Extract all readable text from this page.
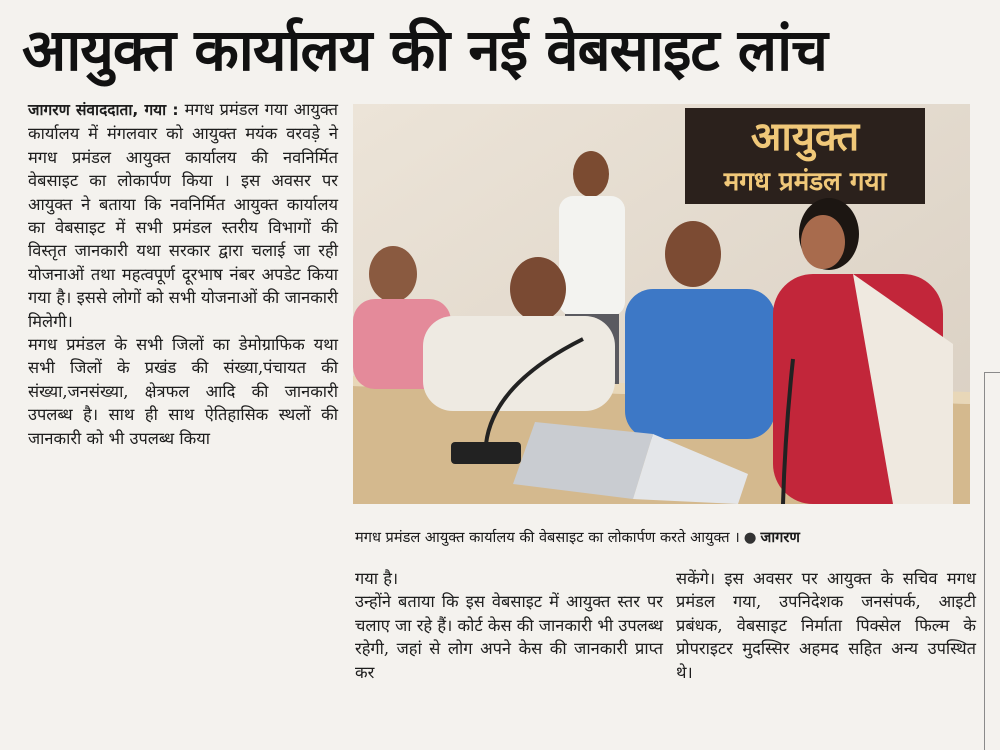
आयुक्त कार्यालय की नई वेबसाइट लांच

जागरण संवाददाता, गया : मगध प्रमंडल गया आयुक्त कार्यालय में मंगलवार को आयुक्त मयंक वरवड़े ने मगध प्रमंडल आयुक्त कार्यालय की नवनिर्मित वेबसाइट का लोकार्पण किया । इस अवसर पर आयुक्त ने बताया कि नवनिर्मित आयुक्त कार्यालय का वेबसाइट में सभी प्रमंडल स्तरीय विभागों की विस्तृत जानकारी यथा सरकार द्वारा चलाई जा रही योजनाओं तथा महत्वपूर्ण दूरभाष नंबर अपडेट किया गया है। इससे लोगों को सभी योजनाओं की जानकारी मिलेगी।

मगध प्रमंडल के सभी जिलों का डेमोग्राफिक यथा सभी जिलों के प्रखंड की संख्या,पंचायत की संख्या,जनसंख्या, क्षेत्रफल आदि की जानकारी उपलब्ध है। साथ ही साथ ऐतिहासिक स्थलों की जानकारी को भी उपलब्ध किया

आयुक्त
मगध प्रमंडल गया
मगध प्रमंडल आयुक्त कार्यालय की वेबसाइट का लोकार्पण करते आयुक्त । ● जागरण

गया है।

उन्होंने बताया कि इस वेबसाइट में आयुक्त स्तर पर चलाए जा रहे हैं। कोर्ट केस की जानकारी भी उपलब्ध रहेगी, जहां से लोग अपने केस की जानकारी प्राप्त कर

सकेंगे। इस अवसर पर आयुक्त के सचिव मगध प्रमंडल गया, उपनिदेशक जनसंपर्क, आइटी प्रबंधक, वेबसाइट निर्माता पिक्सेल फिल्म के प्रोपराइटर मुदस्सिर अहमद सहित अन्य उपस्थित थे।
